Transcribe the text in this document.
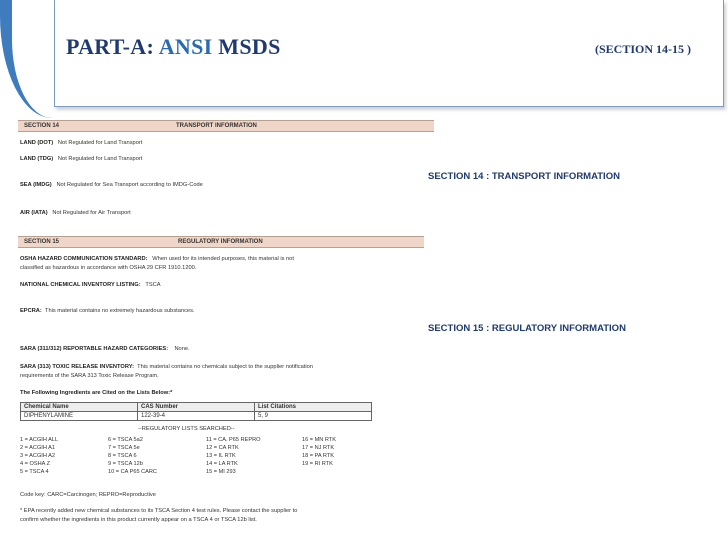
PART-A: ANSI MSDS	(SECTION 14-15 )
SECTION 14	TRANSPORT INFORMATION
LAND (DOT) Not Regulated for Land Transport
LAND (TDG) Not Regulated for Land Transport
SEA (IMDG) Not Regulated for Sea Transport according to IMDG-Code
AIR (IATA) Not Regulated for Air Transport
SECTION 15	REGULATORY INFORMATION
OSHA HAZARD COMMUNICATION STANDARD: When used for its intended purposes, this material is not
classified as hazardous in accordance with OSHA 29 CFR 1910.1200.
NATIONAL CHEMICAL INVENTORY LISTING: TSCA
EPCRA: This material contains no extremely hazardous substances.
SARA (311/312) REPORTABLE HAZARD CATEGORIES: None.
SARA (313) TOXIC RELEASE INVENTORY: This material contains no chemicals subject to the supplier notification
requirements of the SARA 313 Toxic Release Program.
The Following Ingredients are Cited on the Lists Below:*
Chemical Name	CAS Number	List Citations
DIPHENYLAMINE	122-39-4	5, 9
--REGULATORY LISTS SEARCHED--
1 = ACGIH ALL	6 = TSCA 5a2	11 = CA. P65 REPRO	16 = MN RTK
2 = ACGIH A1	7 = TSCA 5e	12 = CA RTK	17 = NJ RTK
3 = ACGIH A2	8 = TSCA 6	13 = IL RTK	18 = PA RTK
4 = OSHA Z	9 = TSCA 12b	14 = LA RTK	19 = RI RTK
5 = TSCA 4	10 = CA P65 CARC	15 = MI 293
Code key: CARC=Carcinogen; REPRO=Reproductive
* EPA recently added new chemical substances to its TSCA Section 4 test rules. Please contact the supplier to
confirm whether the ingredients in this product currently appear on a TSCA 4 or TSCA 12b list.
SECTION 14 : TRANSPORT INFORMATION
SECTION 15 : REGULATORY INFORMATION
